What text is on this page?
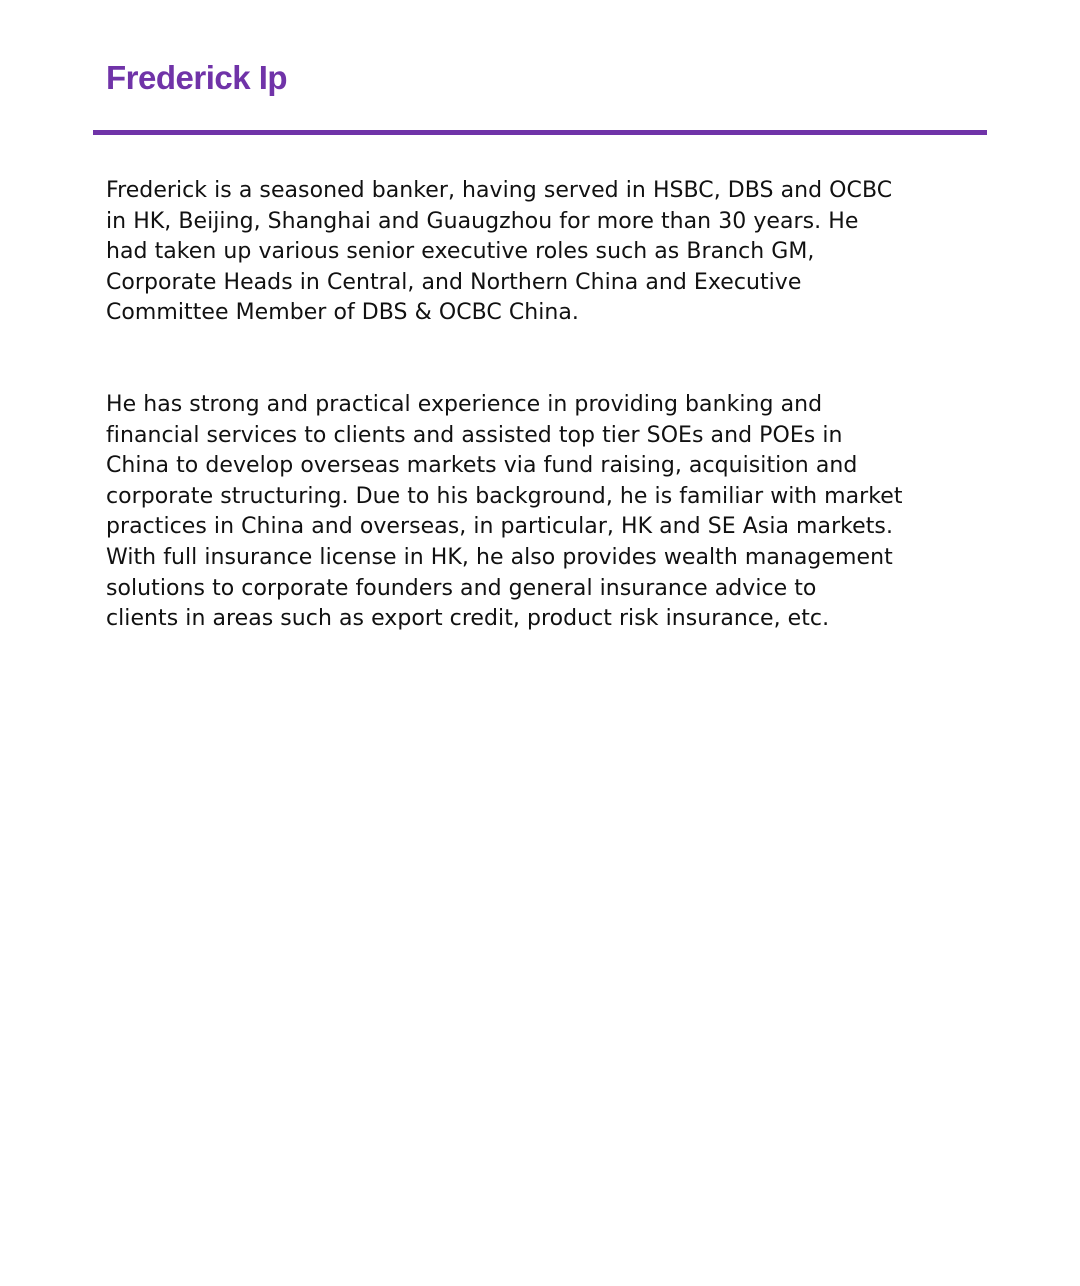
Frederick Ip

Frederick is a seasoned banker, having served in HSBC, DBS and OCBC
in HK, Beijing, Shanghai and Guaugzhou for more than 30 years. He
had taken up various senior executive roles such as Branch GM,
Corporate Heads in Central, and Northern China and Executive
Committee Member of DBS & OCBC China.

He has strong and practical experience in providing banking and
financial services to clients and assisted top tier SOEs and POEs in
China to develop overseas markets via fund raising, acquisition and
corporate structuring. Due to his background, he is familiar with market
practices in China and overseas, in particular, HK and SE Asia markets.
With full insurance license in HK, he also provides wealth management
solutions to corporate founders and general insurance advice to
clients in areas such as export credit, product risk insurance, etc.
